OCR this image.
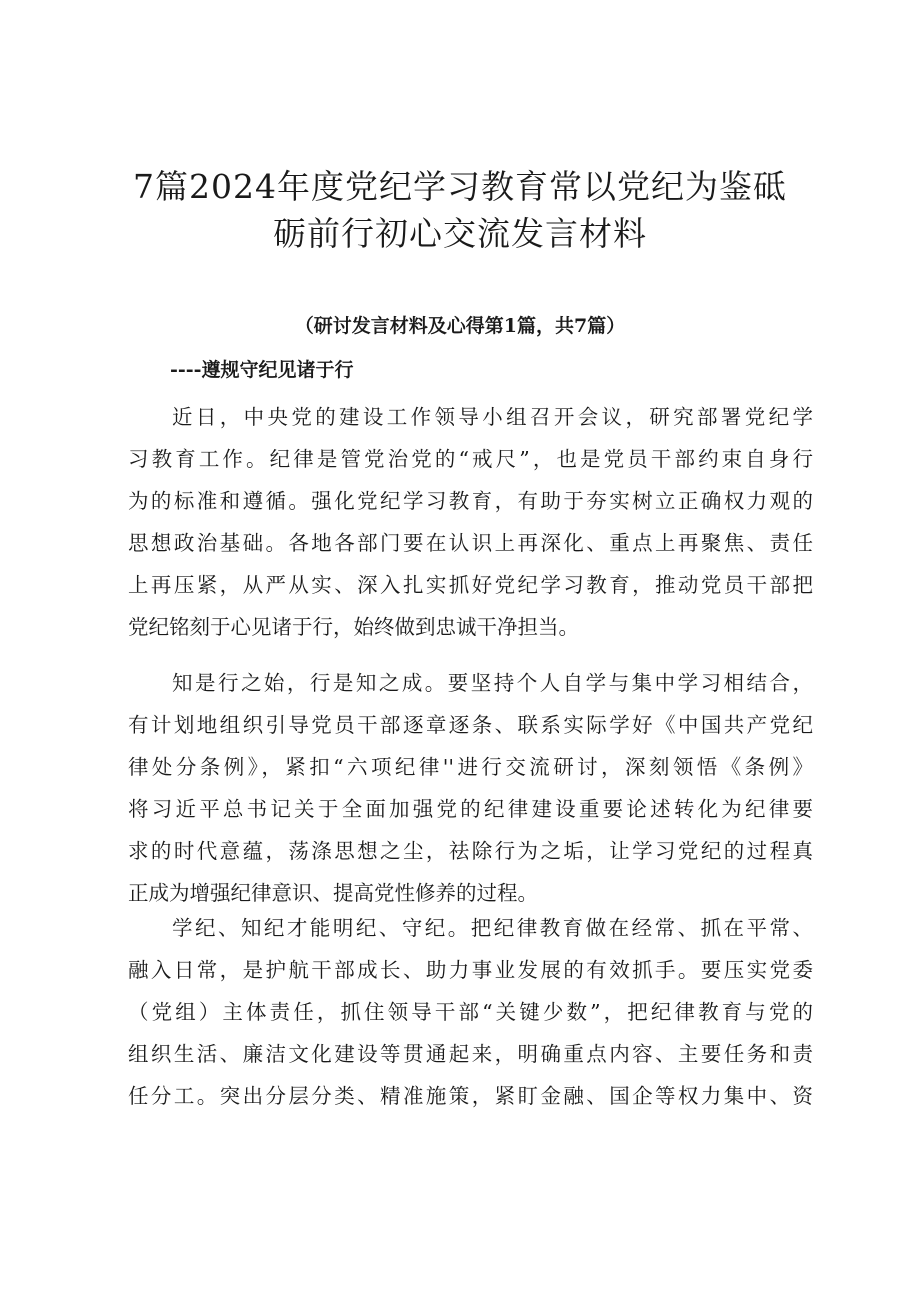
7篇2024年度党纪学习教育常以党纪为鉴砥
砺前行初心交流发言材料

（研讨发言材料及心得第1篇，共7篇）

----遵规守纪见诸于行

近日，中央党的建设工作领导小组召开会议，研究部署党纪学
习教育工作。纪律是管党治党的“戒尺”，也是党员干部约束自身行
为的标准和遵循。强化党纪学习教育，有助于夯实树立正确权力观的
思想政治基础。各地各部门要在认识上再深化、重点上再聚焦、责任
上再压紧，从严从实、深入扎实抓好党纪学习教育，推动党员干部把
党纪铭刻于心见诸于行，始终做到忠诚干净担当。

知是行之始，行是知之成。要坚持个人自学与集中学习相结合，
有计划地组织引导党员干部逐章逐条、联系实际学好《中国共产党纪
律处分条例》，紧扣“六项纪律''进行交流研讨，深刻领悟《条例》
将习近平总书记关于全面加强党的纪律建设重要论述转化为纪律要
求的时代意蕴，荡涤思想之尘，祛除行为之垢，让学习党纪的过程真
正成为增强纪律意识、提高党性修养的过程。

学纪、知纪才能明纪、守纪。把纪律教育做在经常、抓在平常、
融入日常，是护航干部成长、助力事业发展的有效抓手。要压实党委
（党组）主体责任，抓住领导干部“关键少数”，把纪律教育与党的
组织生活、廉洁文化建设等贯通起来，明确重点内容、主要任务和责
任分工。突出分层分类、精准施策，紧盯金融、国企等权力集中、资
